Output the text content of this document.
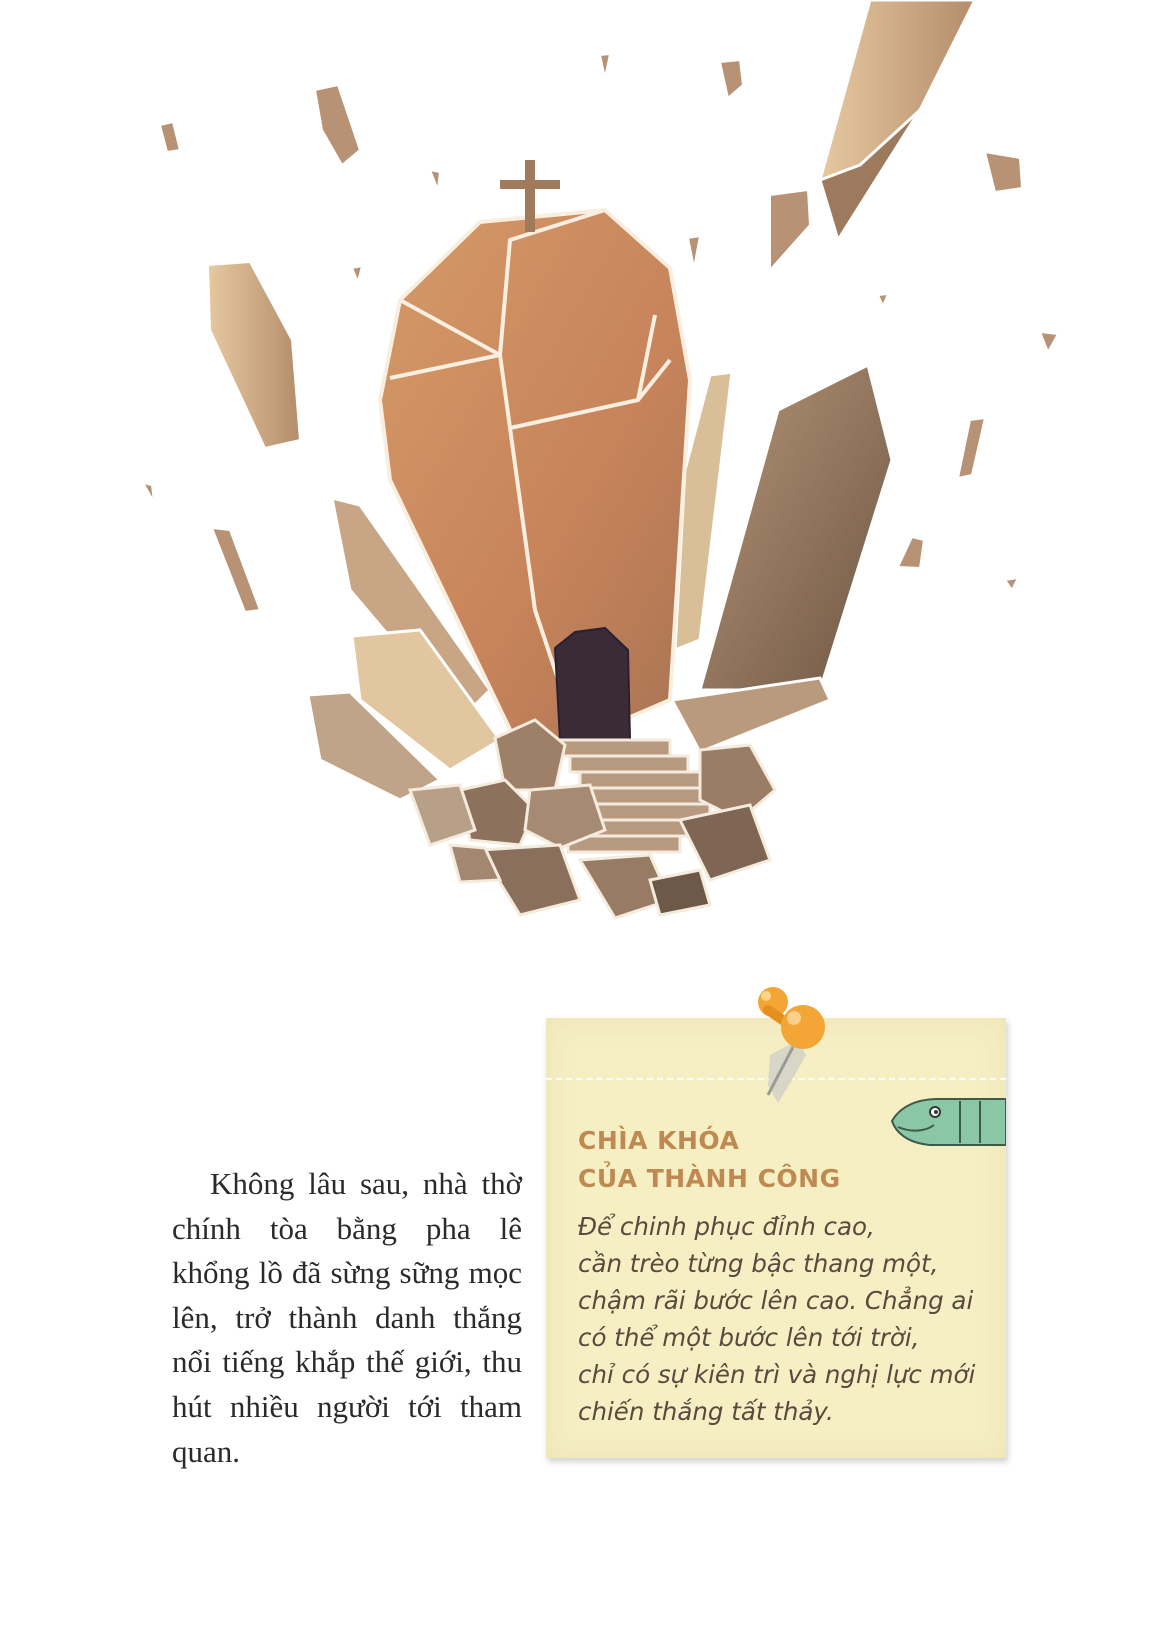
Không lâu sau, nhà thờ chính tòa bằng pha lê khổng lồ đã sừng sững mọc lên, trở thành danh thắng nổi tiếng khắp thế giới, thu hút nhiều người tới tham quan.

CHÌA KHÓA
CỦA THÀNH CÔNG
Để chinh phục đỉnh cao,
cần trèo từng bậc thang một,
chậm rãi bước lên cao. Chẳng ai
có thể một bước lên tới trời,
chỉ có sự kiên trì và nghị lực mới
chiến thắng tất thảy.
